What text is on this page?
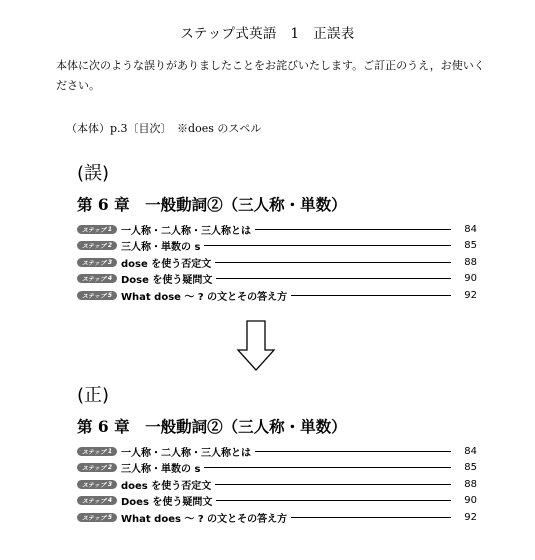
ステップ式英語　1　正誤表
本体に次のような誤りがありましたことをお詫びいたします。ご訂正のうえ，お使いください。
（本体）p.3〔目次〕　※does のスペル
(誤)
第 6 章　一般動詞②（三人称・単数）
ステップ 1 一人称・二人称・三人称とは	84
ステップ 2 三人称・単数の s	85
ステップ 3 dose を使う否定文	88
ステップ 4 Dose を使う疑問文	90
ステップ 5 What dose ～ ? の文とその答え方	92
(正)
第 6 章　一般動詞②（三人称・単数）
ステップ 1 一人称・二人称・三人称とは	84
ステップ 2 三人称・単数の s	85
ステップ 3 does を使う否定文	88
ステップ 4 Does を使う疑問文	90
ステップ 5 What does ～ ? の文とその答え方	92
